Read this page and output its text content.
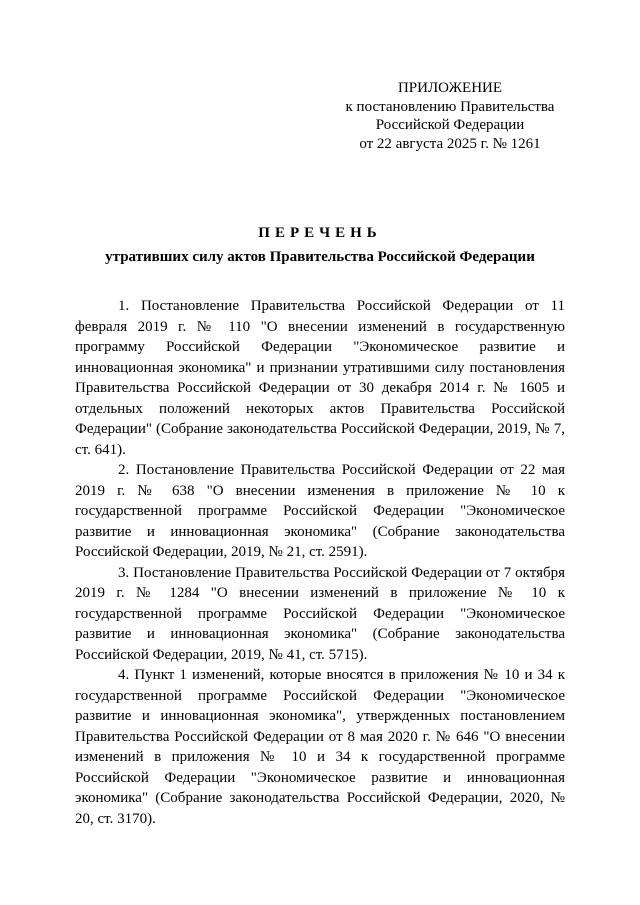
ПРИЛОЖЕНИЕ
к постановлению Правительства
Российской Федерации
от 22 августа 2025 г. № 1261
ПЕРЕЧЕНЬ
утративших силу актов Правительства Российской Федерации

1. Постановление Правительства Российской Федерации от 11 февраля 2019 г. № 110 "О внесении изменений в государственную программу Российской Федерации "Экономическое развитие и инновационная экономика" и признании утратившими силу постановления Правительства Российской Федерации от 30 декабря 2014 г. № 1605 и отдельных положений некоторых актов Правительства Российской Федерации" (Собрание законодательства Российской Федерации, 2019, № 7, ст. 641).

2. Постановление Правительства Российской Федерации от 22 мая 2019 г. № 638 "О внесении изменения в приложение № 10 к государственной программе Российской Федерации "Экономическое развитие и инновационная экономика" (Собрание законодательства Российской Федерации, 2019, № 21, ст. 2591).

3. Постановление Правительства Российской Федерации от 7 октября 2019 г. № 1284 "О внесении изменений в приложение № 10 к государственной программе Российской Федерации "Экономическое развитие и инновационная экономика" (Собрание законодательства Российской Федерации, 2019, № 41, ст. 5715).

4. Пункт 1 изменений, которые вносятся в приложения № 10 и 34 к государственной программе Российской Федерации "Экономическое развитие и инновационная экономика", утвержденных постановлением Правительства Российской Федерации от 8 мая 2020 г. № 646 "О внесении изменений в приложения № 10 и 34 к государственной программе Российской Федерации "Экономическое развитие и инновационная экономика" (Собрание законодательства Российской Федерации, 2020, № 20, ст. 3170).
